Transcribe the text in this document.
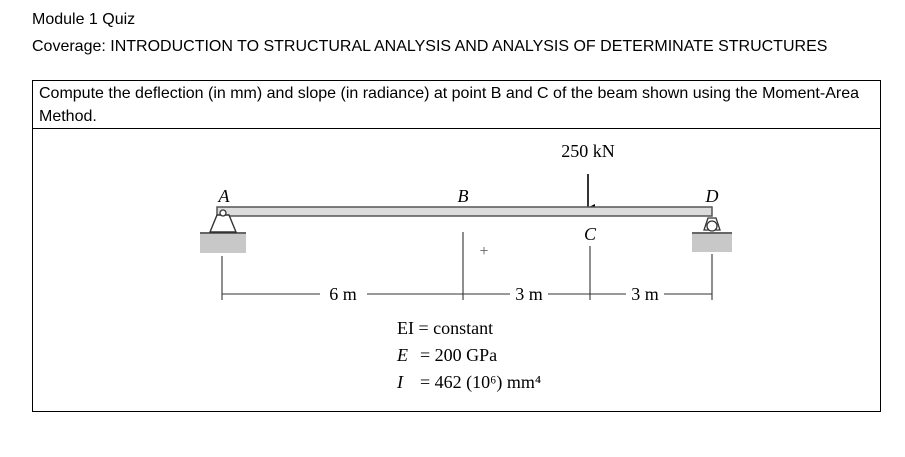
Module 1 Quiz
Coverage: INTRODUCTION TO STRUCTURAL ANALYSIS AND ANALYSIS OF DETERMINATE STRUCTURES
Compute the deflection (in mm) and slope (in radiance) at point B and C of the beam shown using the Moment-Area Method.
250 kN
A	B	D
C
+
6 m	3 m	3 m
EI = constant
E = 200 GPa
I = 462 (10⁶) mm⁴
